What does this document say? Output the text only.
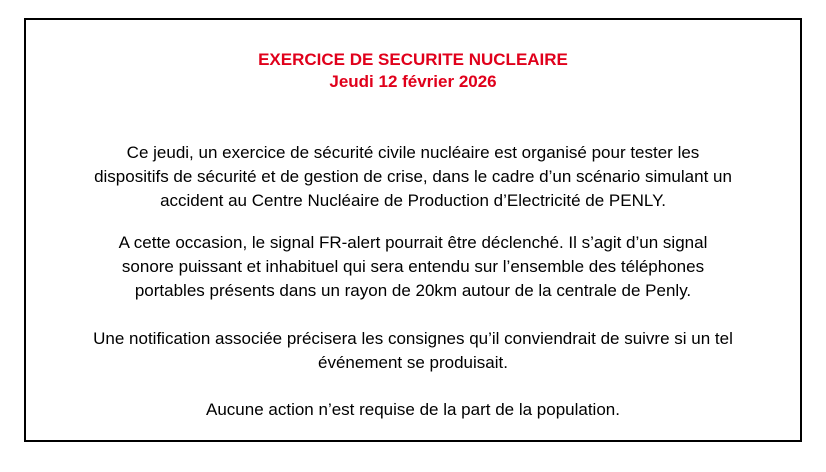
EXERCICE DE SECURITE NUCLEAIRE

Jeudi 12 février 2026

Ce jeudi, un exercice de sécurité civile nucléaire est organisé pour tester les
dispositifs de sécurité et de gestion de crise, dans le cadre d’un scénario simulant un
accident au Centre Nucléaire de Production d’Electricité de PENLY.

A cette occasion, le signal FR-alert pourrait être déclenché. Il s’agit d’un signal
sonore puissant et inhabituel qui sera entendu sur l’ensemble des téléphones
portables présents dans un rayon de 20km autour de la centrale de Penly.

Une notification associée précisera les consignes qu’il conviendrait de suivre si un tel
événement se produisait.

Aucune action n’est requise de la part de la population.
